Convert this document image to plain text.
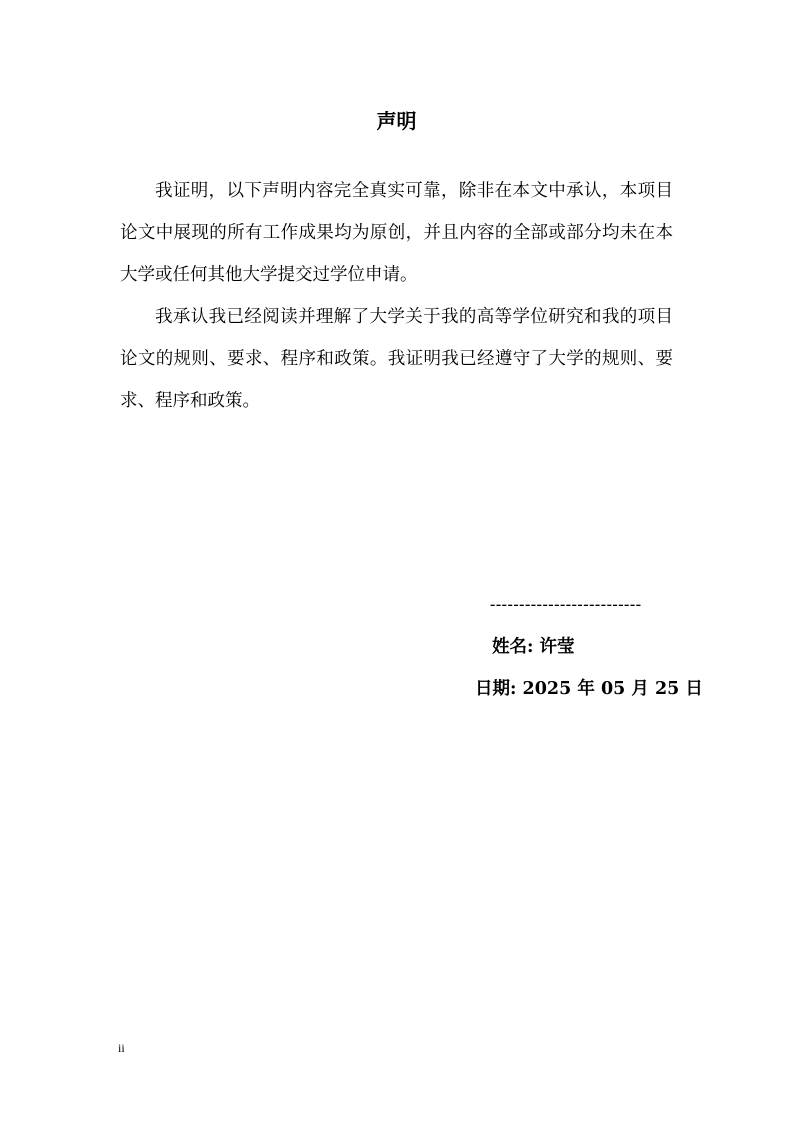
声明

我证明，以下声明内容完全真实可靠，除非在本文中承认，本项目论文中展现的所有工作成果均为原创，并且内容的全部或部分均未在本大学或任何其他大学提交过学位申请。

我承认我已经阅读并理解了大学关于我的高等学位研究和我的项目论文的规则、要求、程序和政策。我证明我已经遵守了大学的规则、要求、程序和政策。

--------------------------
姓名: 许莹
日期: 2025 年 05 月 25 日
ii
